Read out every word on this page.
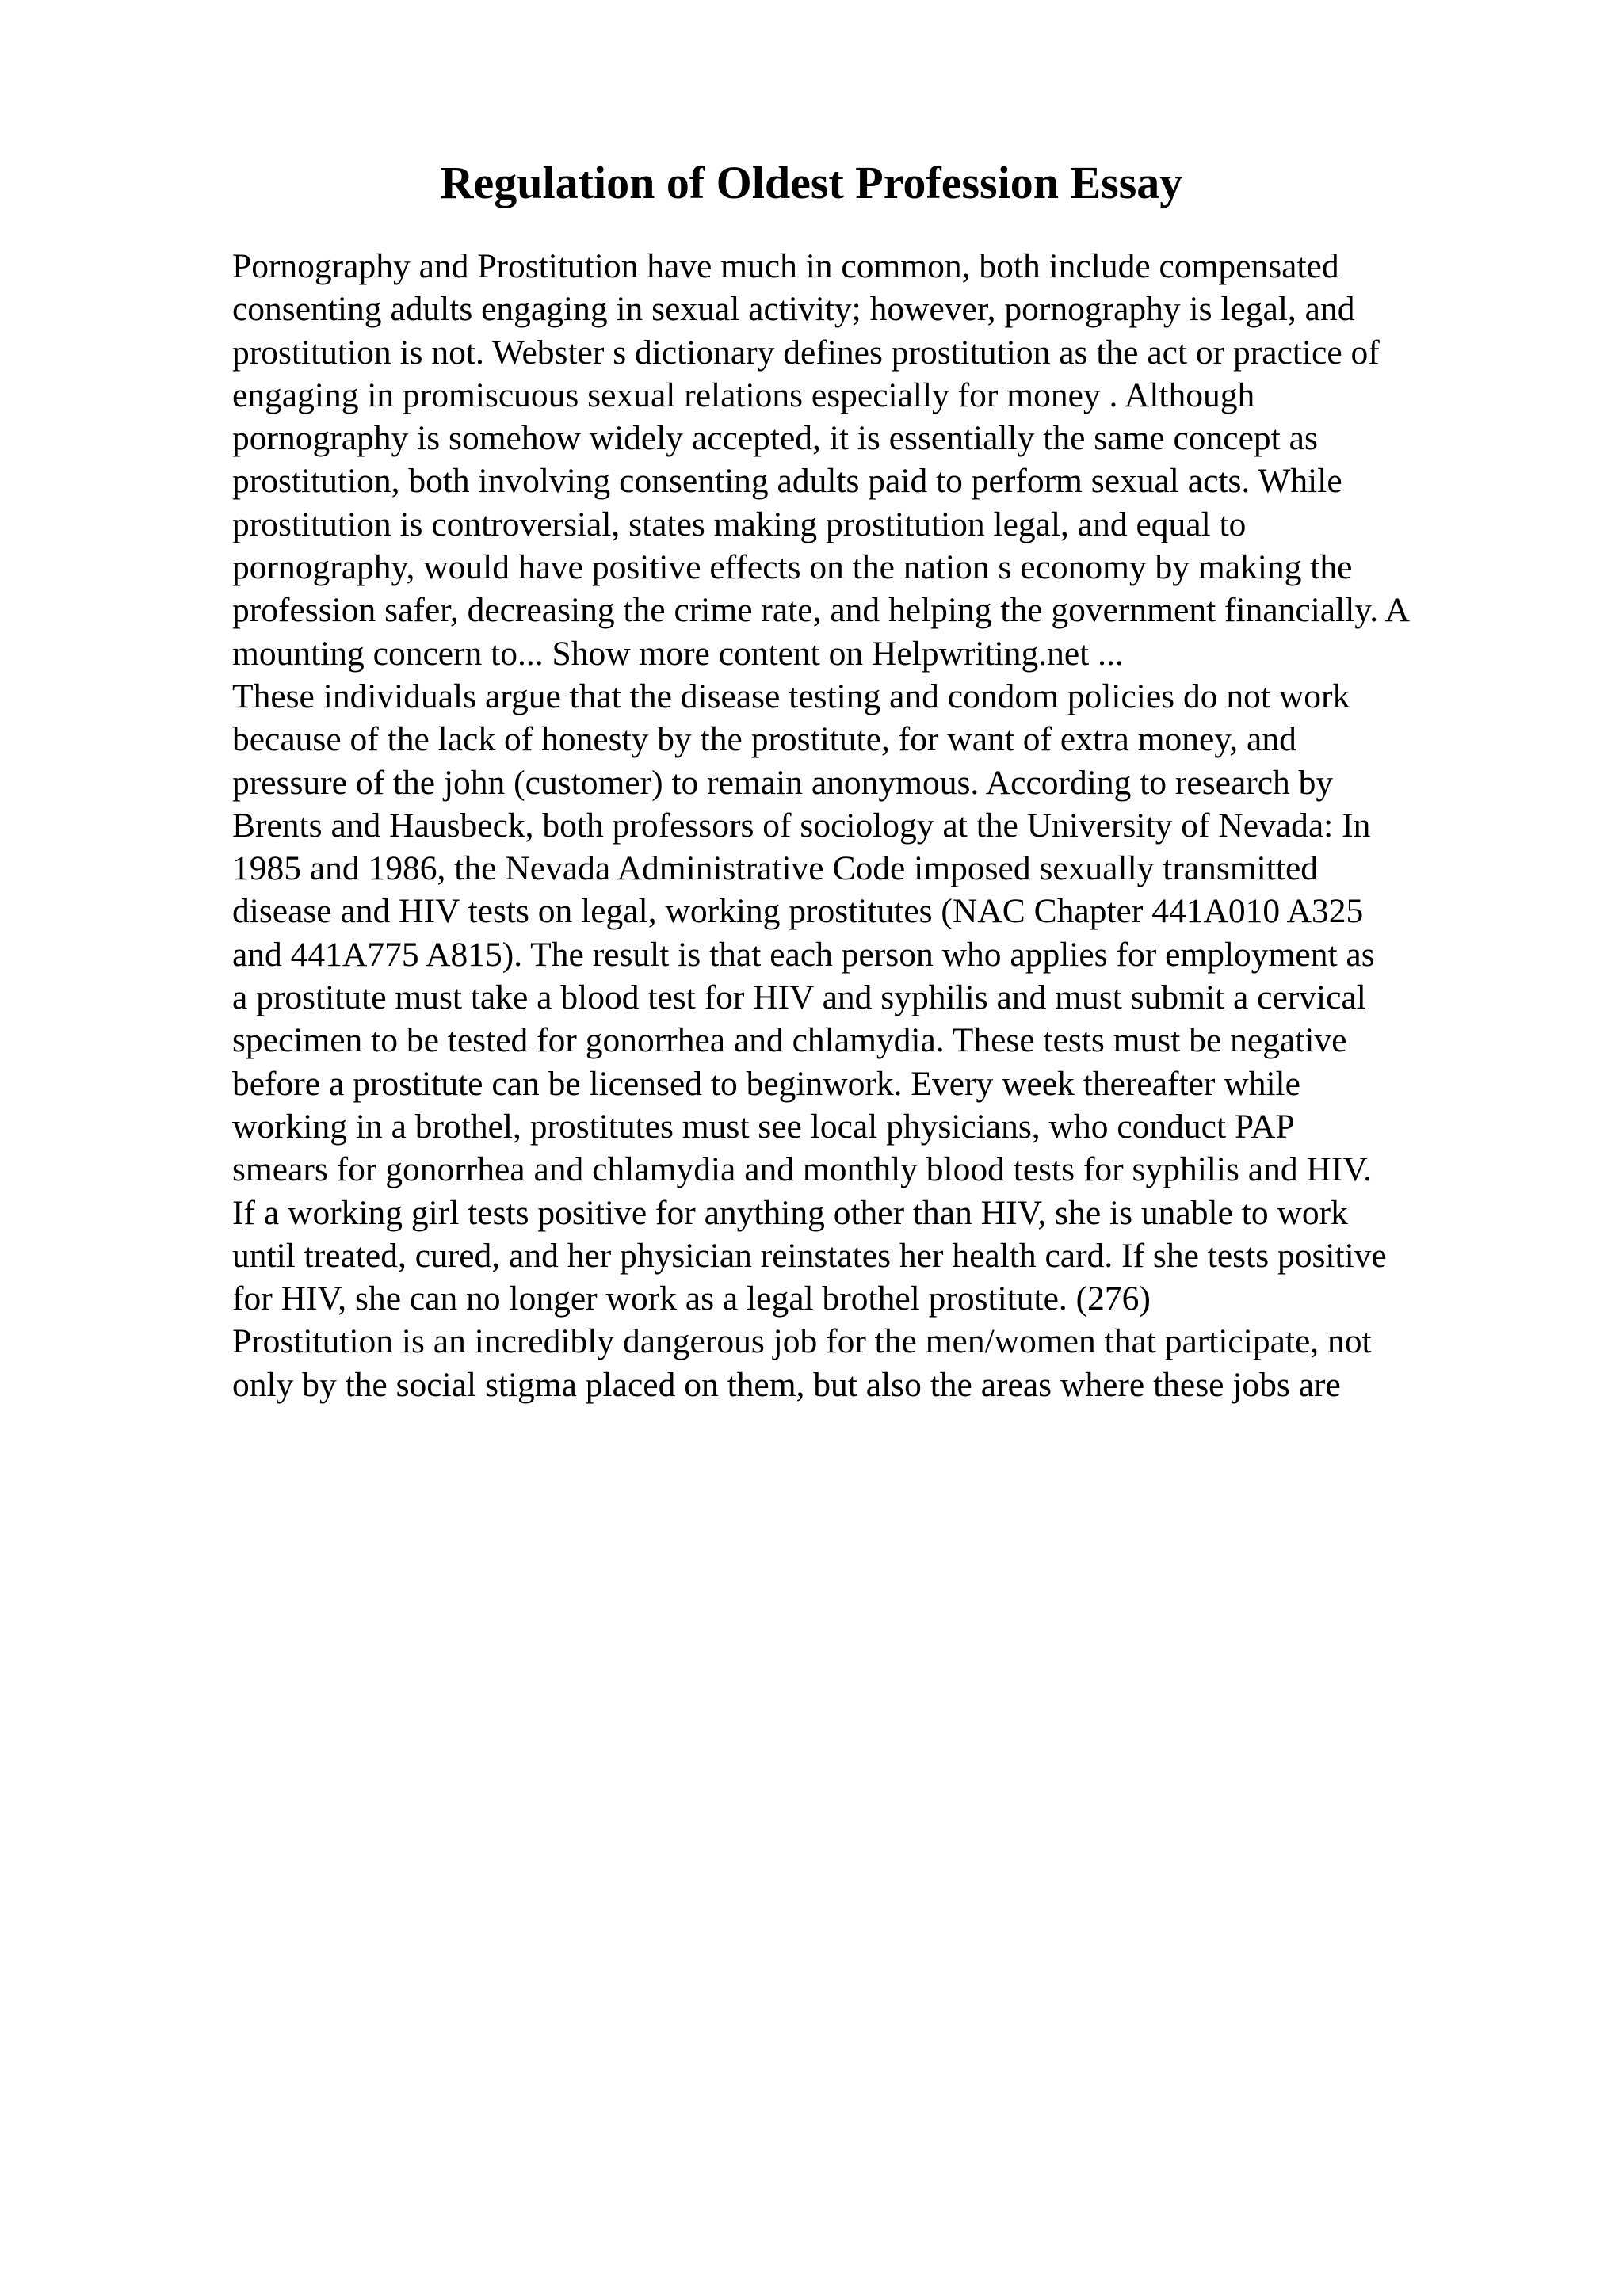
Regulation of Oldest Profession Essay
Pornography and Prostitution have much in common, both include compensated
consenting adults engaging in sexual activity; however, pornography is legal, and
prostitution is not. Webster s dictionary defines prostitution as the act or practice of
engaging in promiscuous sexual relations especially for money . Although
pornography is somehow widely accepted, it is essentially the same concept as
prostitution, both involving consenting adults paid to perform sexual acts. While
prostitution is controversial, states making prostitution legal, and equal to
pornography, would have positive effects on the nation s economy by making the
profession safer, decreasing the crime rate, and helping the government financially. A
mounting concern to... Show more content on Helpwriting.net ...
These individuals argue that the disease testing and condom policies do not work
because of the lack of honesty by the prostitute, for want of extra money, and
pressure of the john (customer) to remain anonymous. According to research by
Brents and Hausbeck, both professors of sociology at the University of Nevada: In
1985 and 1986, the Nevada Administrative Code imposed sexually transmitted
disease and HIV tests on legal, working prostitutes (NAC Chapter 441A010 A325
and 441A775 A815). The result is that each person who applies for employment as
a prostitute must take a blood test for HIV and syphilis and must submit a cervical
specimen to be tested for gonorrhea and chlamydia. These tests must be negative
before a prostitute can be licensed to beginwork. Every week thereafter while
working in a brothel, prostitutes must see local physicians, who conduct PAP
smears for gonorrhea and chlamydia and monthly blood tests for syphilis and HIV.
If a working girl tests positive for anything other than HIV, she is unable to work
until treated, cured, and her physician reinstates her health card. If she tests positive
for HIV, she can no longer work as a legal brothel prostitute. (276)
Prostitution is an incredibly dangerous job for the men/women that participate, not
only by the social stigma placed on them, but also the areas where these jobs are
